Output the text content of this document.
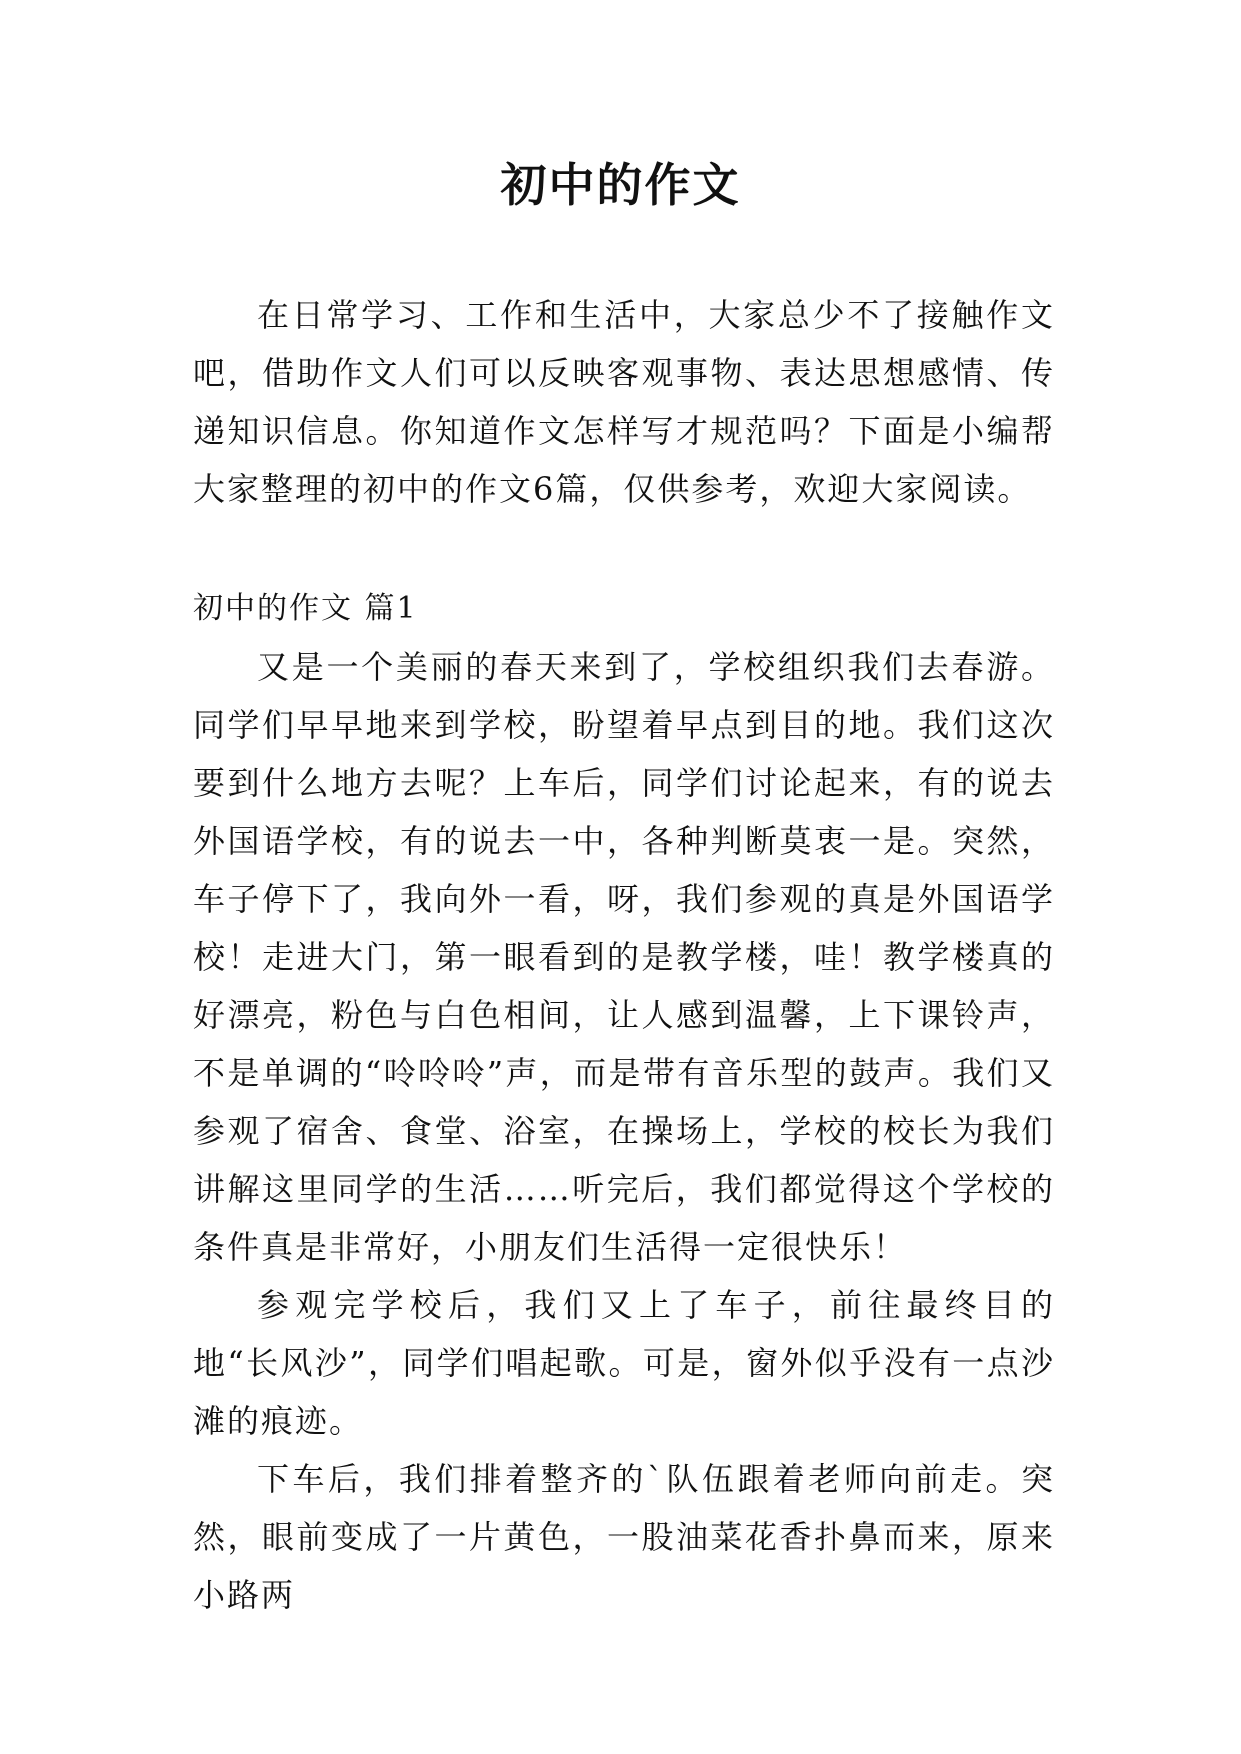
初中的作文

在日常学习、工作和生活中，大家总少不了接触作文吧，借助作文人们可以反映客观事物、表达思想感情、传递知识信息。你知道作文怎样写才规范吗？下面是小编帮大家整理的初中的作文6篇，仅供参考，欢迎大家阅读。

初中的作文 篇1

又是一个美丽的春天来到了，学校组织我们去春游。同学们早早地来到学校，盼望着早点到目的地。我们这次要到什么地方去呢？上车后，同学们讨论起来，有的说去外国语学校，有的说去一中，各种判断莫衷一是。突然，车子停下了，我向外一看，呀，我们参观的真是外国语学校！走进大门，第一眼看到的是教学楼，哇！教学楼真的好漂亮，粉色与白色相间，让人感到温馨，上下课铃声，不是单调的“呤呤呤”声，而是带有音乐型的鼓声。我们又参观了宿舍、食堂、浴室，在操场上，学校的校长为我们讲解这里同学的生活……听完后，我们都觉得这个学校的条件真是非常好，小朋友们生活得一定很快乐！

参观完学校后，我们又上了车子，前往最终目的地“长风沙”，同学们唱起歌。可是，窗外似乎没有一点沙滩的痕迹。

下车后，我们排着整齐的`队伍跟着老师向前走。突然，眼前变成了一片黄色，一股油菜花香扑鼻而来，原来小路两
